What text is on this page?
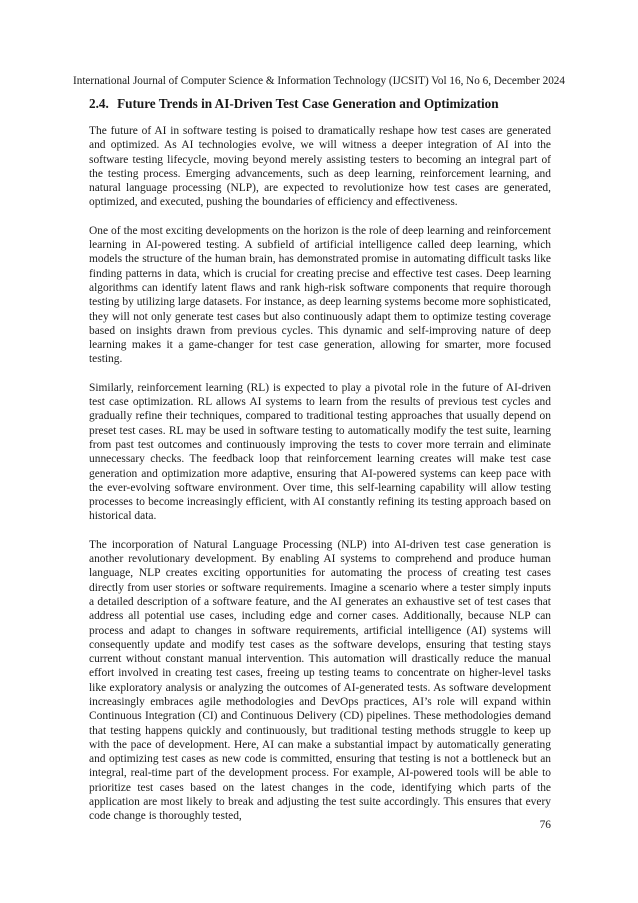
International Journal of Computer Science & Information Technology (IJCSIT) Vol 16, No 6, December 2024
2.4. Future Trends in AI-Driven Test Case Generation and Optimization

The future of AI in software testing is poised to dramatically reshape how test cases are generated and optimized. As AI technologies evolve, we will witness a deeper integration of AI into the software testing lifecycle, moving beyond merely assisting testers to becoming an integral part of the testing process. Emerging advancements, such as deep learning, reinforcement learning, and natural language processing (NLP), are expected to revolutionize how test cases are generated, optimized, and executed, pushing the boundaries of efficiency and effectiveness.

One of the most exciting developments on the horizon is the role of deep learning and reinforcement learning in AI-powered testing. A subfield of artificial intelligence called deep learning, which models the structure of the human brain, has demonstrated promise in automating difficult tasks like finding patterns in data, which is crucial for creating precise and effective test cases. Deep learning algorithms can identify latent flaws and rank high-risk software components that require thorough testing by utilizing large datasets. For instance, as deep learning systems become more sophisticated, they will not only generate test cases but also continuously adapt them to optimize testing coverage based on insights drawn from previous cycles. This dynamic and self-improving nature of deep learning makes it a game-changer for test case generation, allowing for smarter, more focused testing.

Similarly, reinforcement learning (RL) is expected to play a pivotal role in the future of AI-driven test case optimization. RL allows AI systems to learn from the results of previous test cycles and gradually refine their techniques, compared to traditional testing approaches that usually depend on preset test cases. RL may be used in software testing to automatically modify the test suite, learning from past test outcomes and continuously improving the tests to cover more terrain and eliminate unnecessary checks. The feedback loop that reinforcement learning creates will make test case generation and optimization more adaptive, ensuring that AI-powered systems can keep pace with the ever-evolving software environment. Over time, this self-learning capability will allow testing processes to become increasingly efficient, with AI constantly refining its testing approach based on historical data.

The incorporation of Natural Language Processing (NLP) into AI-driven test case generation is another revolutionary development. By enabling AI systems to comprehend and produce human language, NLP creates exciting opportunities for automating the process of creating test cases directly from user stories or software requirements. Imagine a scenario where a tester simply inputs a detailed description of a software feature, and the AI generates an exhaustive set of test cases that address all potential use cases, including edge and corner cases. Additionally, because NLP can process and adapt to changes in software requirements, artificial intelligence (AI) systems will consequently update and modify test cases as the software develops, ensuring that testing stays current without constant manual intervention. This automation will drastically reduce the manual effort involved in creating test cases, freeing up testing teams to concentrate on higher-level tasks like exploratory analysis or analyzing the outcomes of AI-generated tests. As software development increasingly embraces agile methodologies and DevOps practices, AI’s role will expand within Continuous Integration (CI) and Continuous Delivery (CD) pipelines. These methodologies demand that testing happens quickly and continuously, but traditional testing methods struggle to keep up with the pace of development. Here, AI can make a substantial impact by automatically generating and optimizing test cases as new code is committed, ensuring that testing is not a bottleneck but an integral, real-time part of the development process. For example, AI-powered tools will be able to prioritize test cases based on the latest changes in the code, identifying which parts of the application are most likely to break and adjusting the test suite accordingly. This ensures that every code change is thoroughly tested,

76
